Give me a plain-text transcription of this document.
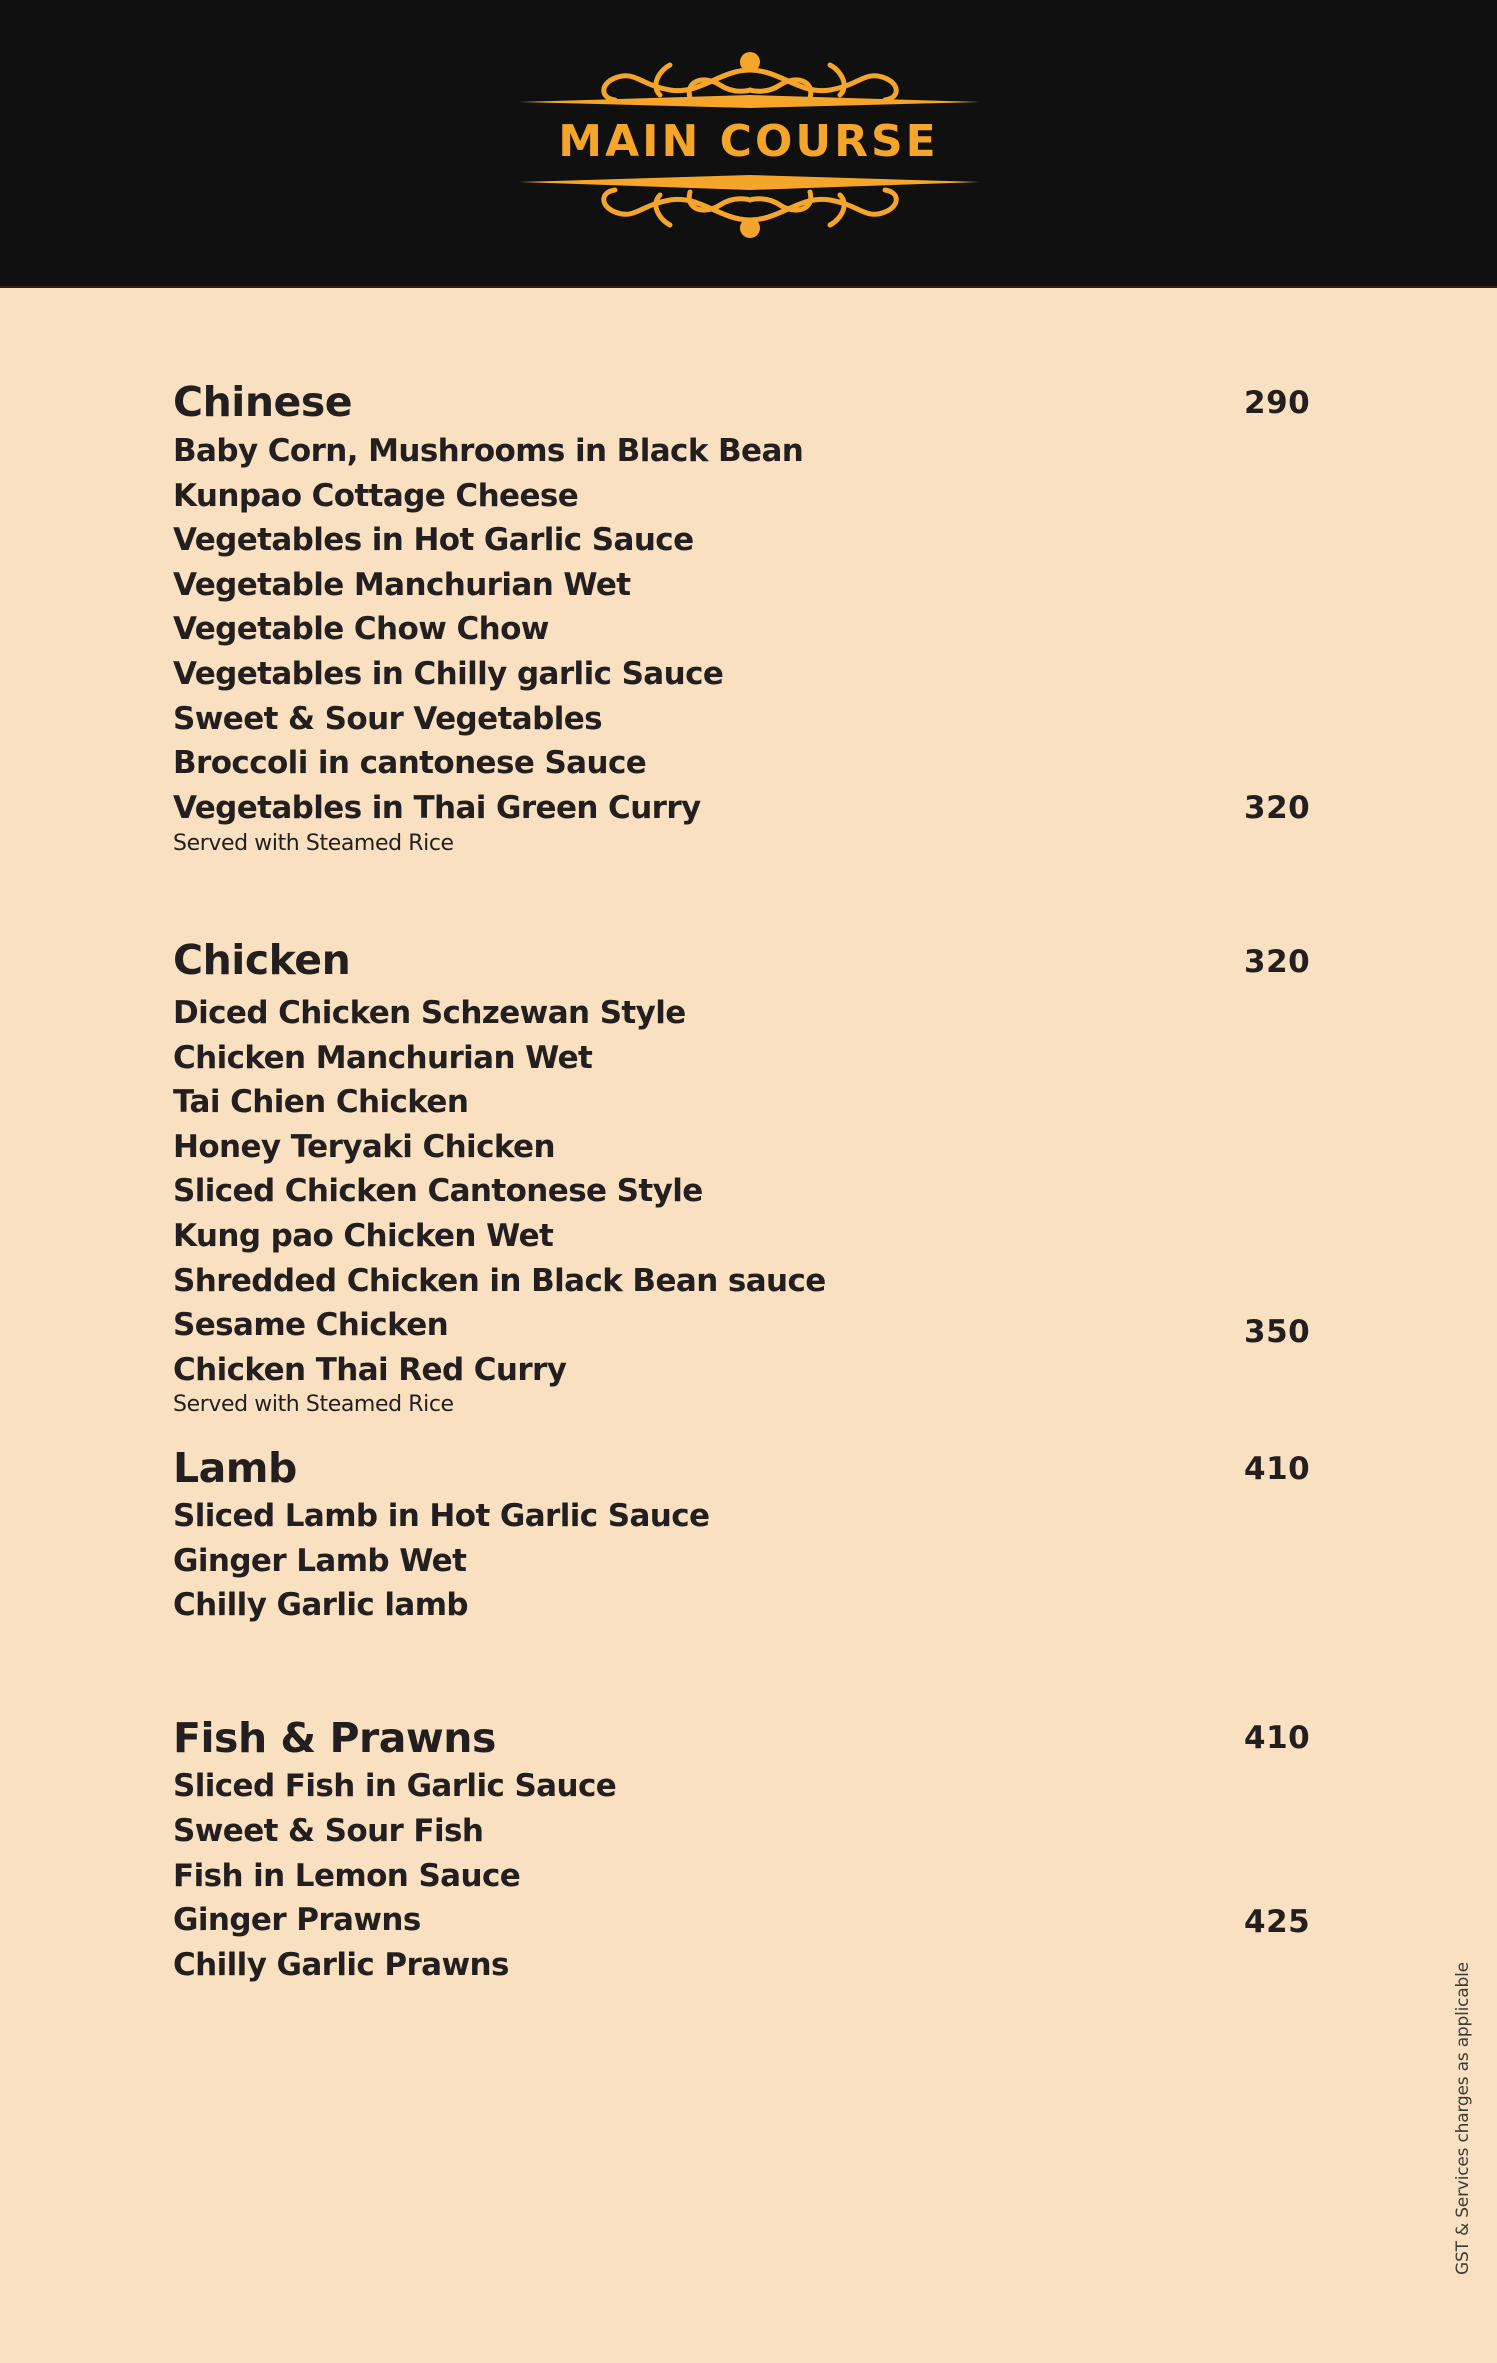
MAIN COURSE
Chinese	290
Baby Corn, Mushrooms in Black Bean
Kunpao Cottage Cheese
Vegetables in Hot Garlic Sauce
Vegetable Manchurian Wet
Vegetable Chow Chow
Vegetables in Chilly garlic Sauce
Sweet & Sour Vegetables
Broccoli in cantonese Sauce
Vegetables in Thai Green Curry	320
Served with Steamed Rice
Chicken	320
Diced Chicken Schzewan Style
Chicken Manchurian Wet
Tai Chien Chicken
Honey Teryaki Chicken
Sliced Chicken Cantonese Style
Kung pao Chicken Wet
Shredded Chicken in Black Bean sauce
Sesame Chicken	350
Chicken Thai Red Curry
Served with Steamed Rice
Lamb	410
Sliced Lamb in Hot Garlic Sauce
Ginger Lamb Wet
Chilly Garlic lamb
Fish & Prawns	410
Sliced Fish in Garlic Sauce
Sweet & Sour Fish
Fish in Lemon Sauce
Ginger Prawns	425
Chilly Garlic Prawns	GST & Services charges as applicable
